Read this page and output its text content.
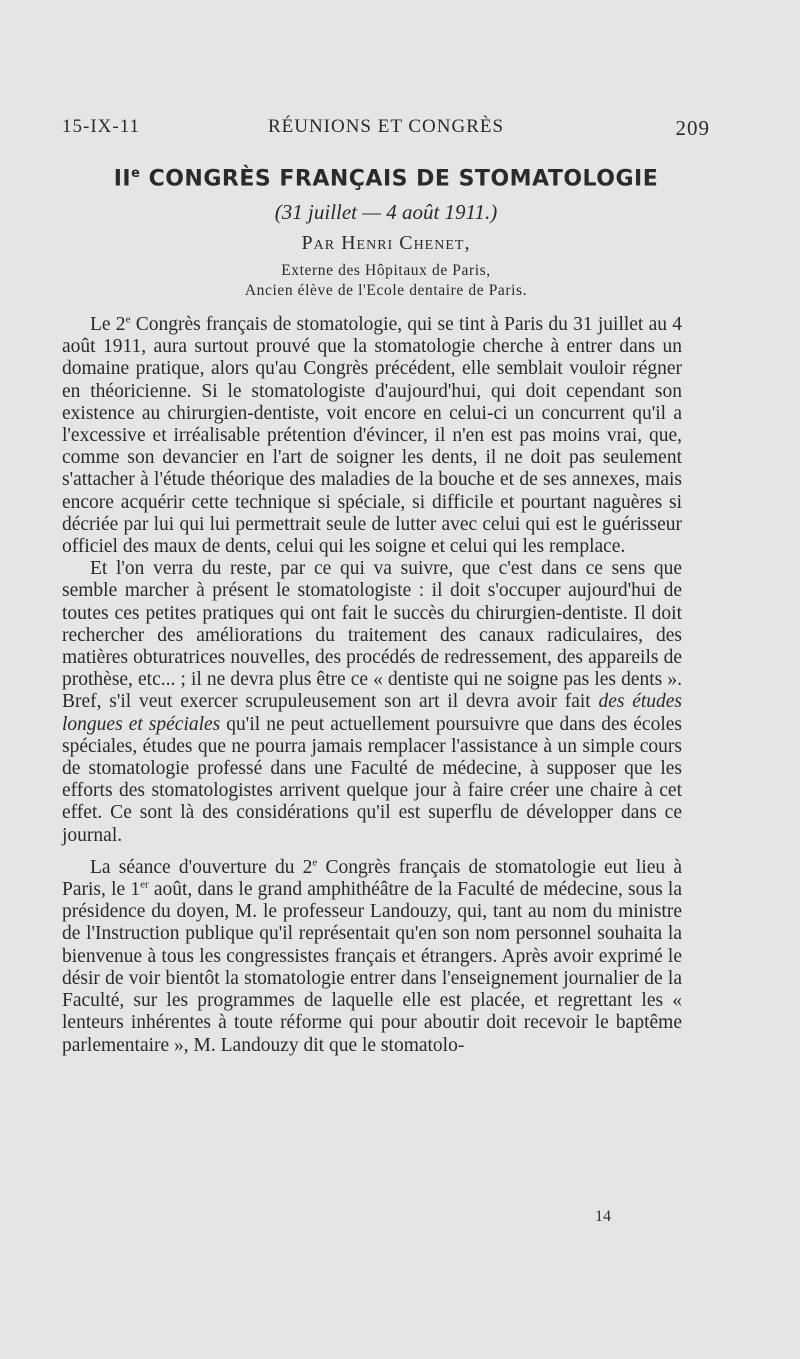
15-IX-11	RÉUNIONS ET CONGRÈS	209
IIe CONGRÈS FRANÇAIS DE STOMATOLOGIE
(31 juillet — 4 août 1911.)
Par Henri Chenet,
Externe des Hôpitaux de Paris,
Ancien élève de l'Ecole dentaire de Paris.

Le 2e Congrès français de stomatologie, qui se tint à Paris du 31 juillet au 4 août 1911, aura surtout prouvé que la stomatologie cherche à entrer dans un domaine pratique, alors qu'au Congrès précédent, elle semblait vouloir régner en théoricienne. Si le stomatologiste d'aujourd'hui, qui doit cependant son existence au chirurgien-dentiste, voit encore en celui-ci un concurrent qu'il a l'excessive et irréalisable prétention d'évincer, il n'en est pas moins vrai, que, comme son devancier en l'art de soigner les dents, il ne doit pas seulement s'attacher à l'étude théorique des maladies de la bouche et de ses annexes, mais encore acquérir cette technique si spéciale, si difficile et pourtant naguères si décriée par lui qui lui permettrait seule de lutter avec celui qui est le guérisseur officiel des maux de dents, celui qui les soigne et celui qui les remplace.

Et l'on verra du reste, par ce qui va suivre, que c'est dans ce sens que semble marcher à présent le stomatologiste : il doit s'occuper aujourd'hui de toutes ces petites pratiques qui ont fait le succès du chirurgien-dentiste. Il doit rechercher des améliorations du traitement des canaux radiculaires, des matières obturatrices nouvelles, des procédés de redressement, des appareils de prothèse, etc... ; il ne devra plus être ce « dentiste qui ne soigne pas les dents ». Bref, s'il veut exercer scrupuleusement son art il devra avoir fait des études longues et spéciales qu'il ne peut actuellement poursuivre que dans des écoles spéciales, études que ne pourra jamais remplacer l'assistance à un simple cours de stomatologie professé dans une Faculté de médecine, à supposer que les efforts des stomatologistes arrivent quelque jour à faire créer une chaire à cet effet. Ce sont là des considérations qu'il est superflu de développer dans ce journal.

La séance d'ouverture du 2e Congrès français de stomatologie eut lieu à Paris, le 1er août, dans le grand amphithéâtre de la Faculté de médecine, sous la présidence du doyen, M. le professeur Landouzy, qui, tant au nom du ministre de l'Instruction publique qu'il représentait qu'en son nom personnel souhaita la bienvenue à tous les congressistes français et étrangers. Après avoir exprimé le désir de voir bientôt la stomatologie entrer dans l'enseignement journalier de la Faculté, sur les programmes de laquelle elle est placée, et regrettant les « lenteurs inhérentes à toute réforme qui pour aboutir doit recevoir le baptême parlementaire », M. Landouzy dit que le stomatolo-

14
